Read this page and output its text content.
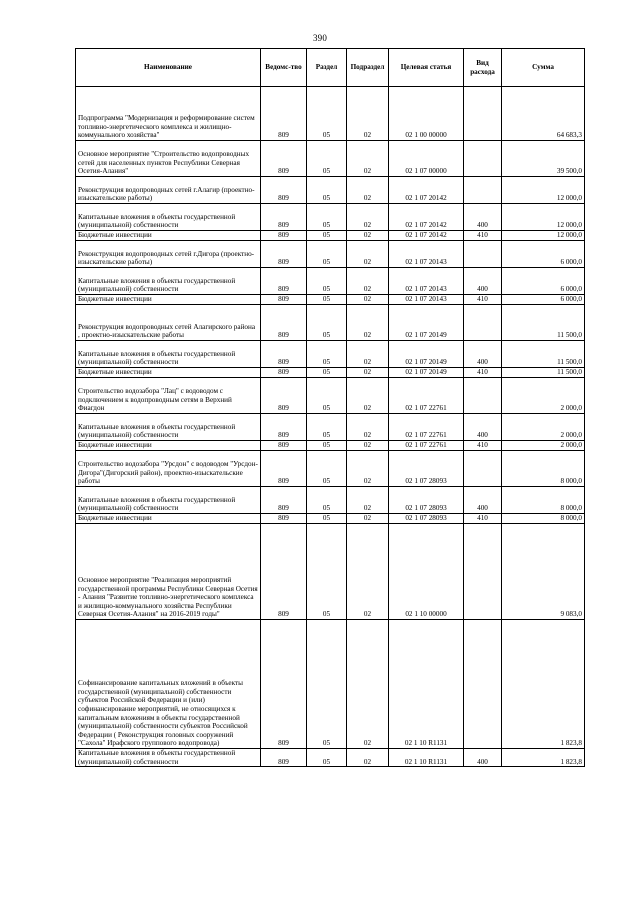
390
Наименование	Ведомс-тво	Раздел	Подраздел	Целевая статья	Вид расхода	Сумма
Подпрограмма "Модернизация и реформирование систем топливно-энергетического комплекса и жилищно-коммунального хозяйства"	809	05	02	02 1 00 00000		64 683,3
Основное мероприятие "Строительство водопроводных сетей для населенных пунктов Республики Северная Осетия-Алания"	809	05	02	02 1 07 00000		39 500,0
Реконструкция водопроводных сетей г.Алагир (проектно-изыскательские работы)	809	05	02	02 1 07 20142		12 000,0
Капитальные вложения в объекты государственной (муниципальной) собственности	809	05	02	02 1 07 20142	400	12 000,0
Бюджетные инвестиции	809	05	02	02 1 07 20142	410	12 000,0
Реконструкция водопроводных сетей г.Дигора (проектно-изыскательские работы)	809	05	02	02 1 07 20143		6 000,0
Капитальные вложения в объекты государственной (муниципальной) собственности	809	05	02	02 1 07 20143	400	6 000,0
Бюджетные инвестиции	809	05	02	02 1 07 20143	410	6 000,0
Реконструкция водопроводных сетей Алагирского района , проектно-изыскательские работы	809	05	02	02 1 07 20149		11 500,0
Капитальные вложения в объекты государственной (муниципальной) собственности	809	05	02	02 1 07 20149	400	11 500,0
Бюджетные инвестиции	809	05	02	02 1 07 20149	410	11 500,0
Строительство водозабора "Лац" с водоводом с подключением к водопроводным сетям в Верхний Фиагдон	809	05	02	02 1 07 22761		2 000,0
Капитальные вложения в объекты государственной (муниципальной) собственности	809	05	02	02 1 07 22761	400	2 000,0
Бюджетные инвестиции	809	05	02	02 1 07 22761	410	2 000,0
Строительство водозабора "Урсдон" с водоводом "Урсдон-Дигора"(Дигорский район), проектно-изыскательские работы	809	05	02	02 1 07 28093		8 000,0
Капитальные вложения в объекты государственной (муниципальной) собственности	809	05	02	02 1 07 28093	400	8 000,0
Бюджетные инвестиции	809	05	02	02 1 07 28093	410	8 000,0
Основное мероприятие "Реализация мероприятий государственной программы Республики Северная Осетия - Алания "Развитие топливно-энергетического комплекса и жилищно-коммунального хозяйства Республики Северная Осетия-Алания" на 2016-2019 годы"	809	05	02	02 1 10 00000		9 083,0
Софинансирование капитальных вложений в объекты государственной (муниципальной) собственности субъектов Российской Федерации и (или) софинансирование мероприятий, не относящихся к капитальным вложениям в объекты государственной (муниципальной) собственности субъектов Российской Федерации ( Реконструкция головных сооружений "Сахола" Ирафского группового водопровода)	809	05	02	02 1 10 R1131		1 823,8
Капитальные вложения в объекты государственной (муниципальной) собственности	809	05	02	02 1 10 R1131	400	1 823,8
